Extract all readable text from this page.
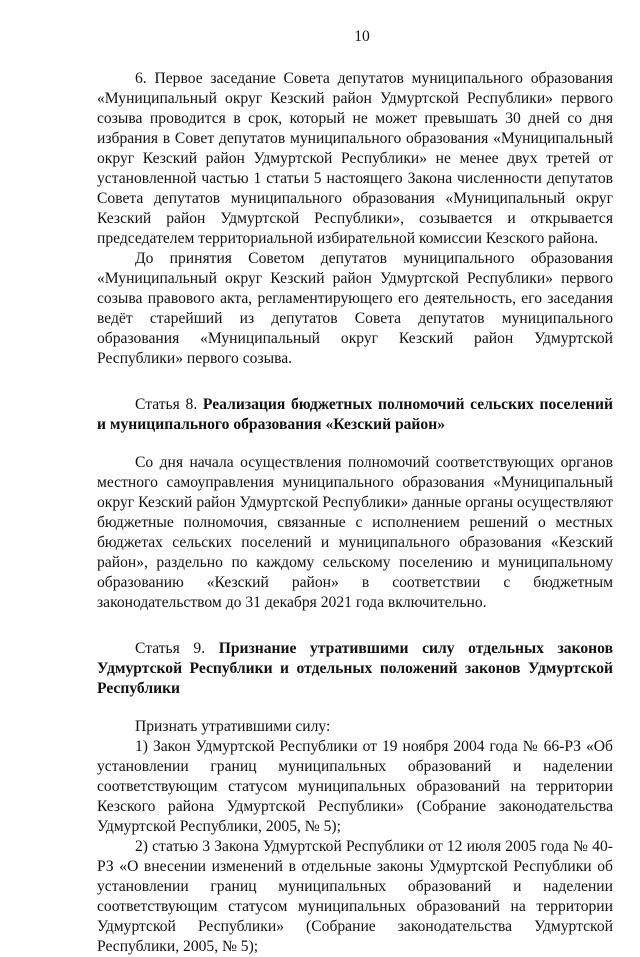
10

6. Первое заседание Совета депутатов муниципального образования «Муниципальный округ Кезский район Удмуртской Республики» первого созыва проводится в срок, который не может превышать 30 дней со дня избрания в Совет депутатов муниципального образования «Муниципальный округ Кезский район Удмуртской Республики» не менее двух третей от установленной частью 1 статьи 5 настоящего Закона численности депутатов Совета депутатов муниципального образования «Муниципальный округ Кезский район Удмуртской Республики», созывается и открывается председателем территориальной избирательной комиссии Кезского района.

До принятия Советом депутатов муниципального образования «Муниципальный округ Кезский район Удмуртской Республики» первого созыва правового акта, регламентирующего его деятельность, его заседания ведёт старейший из депутатов Совета депутатов муниципального образования «Муниципальный округ Кезский район Удмуртской Республики» первого созыва.

Статья 8. Реализация бюджетных полномочий сельских поселений и муниципального образования «Кезский район»

Со дня начала осуществления полномочий соответствующих органов местного самоуправления муниципального образования «Муниципальный округ Кезский район Удмуртской Республики» данные органы осуществляют бюджетные полномочия, связанные с исполнением решений о местных бюджетах сельских поселений и муниципального образования «Кезский район», раздельно по каждому сельскому поселению и муниципальному образованию «Кезский район» в соответствии с бюджетным законодательством до 31 декабря 2021 года включительно.

Статья 9. Признание утратившими силу отдельных законов Удмуртской Республики и отдельных положений законов Удмуртской Республики

Признать утратившими силу:

1) Закон Удмуртской Республики от 19 ноября 2004 года № 66-РЗ «Об установлении границ муниципальных образований и наделении соответствующим статусом муниципальных образований на территории Кезского района Удмуртской Республики» (Собрание законодательства Удмуртской Республики, 2005, № 5);

2) статью 3 Закона Удмуртской Республики от 12 июля 2005 года № 40-РЗ «О внесении изменений в отдельные законы Удмуртской Республики об установлении границ муниципальных образований и наделении соответствующим статусом муниципальных образований на территории Удмуртской Республики» (Собрание законодательства Удмуртской Республики, 2005, № 5);
